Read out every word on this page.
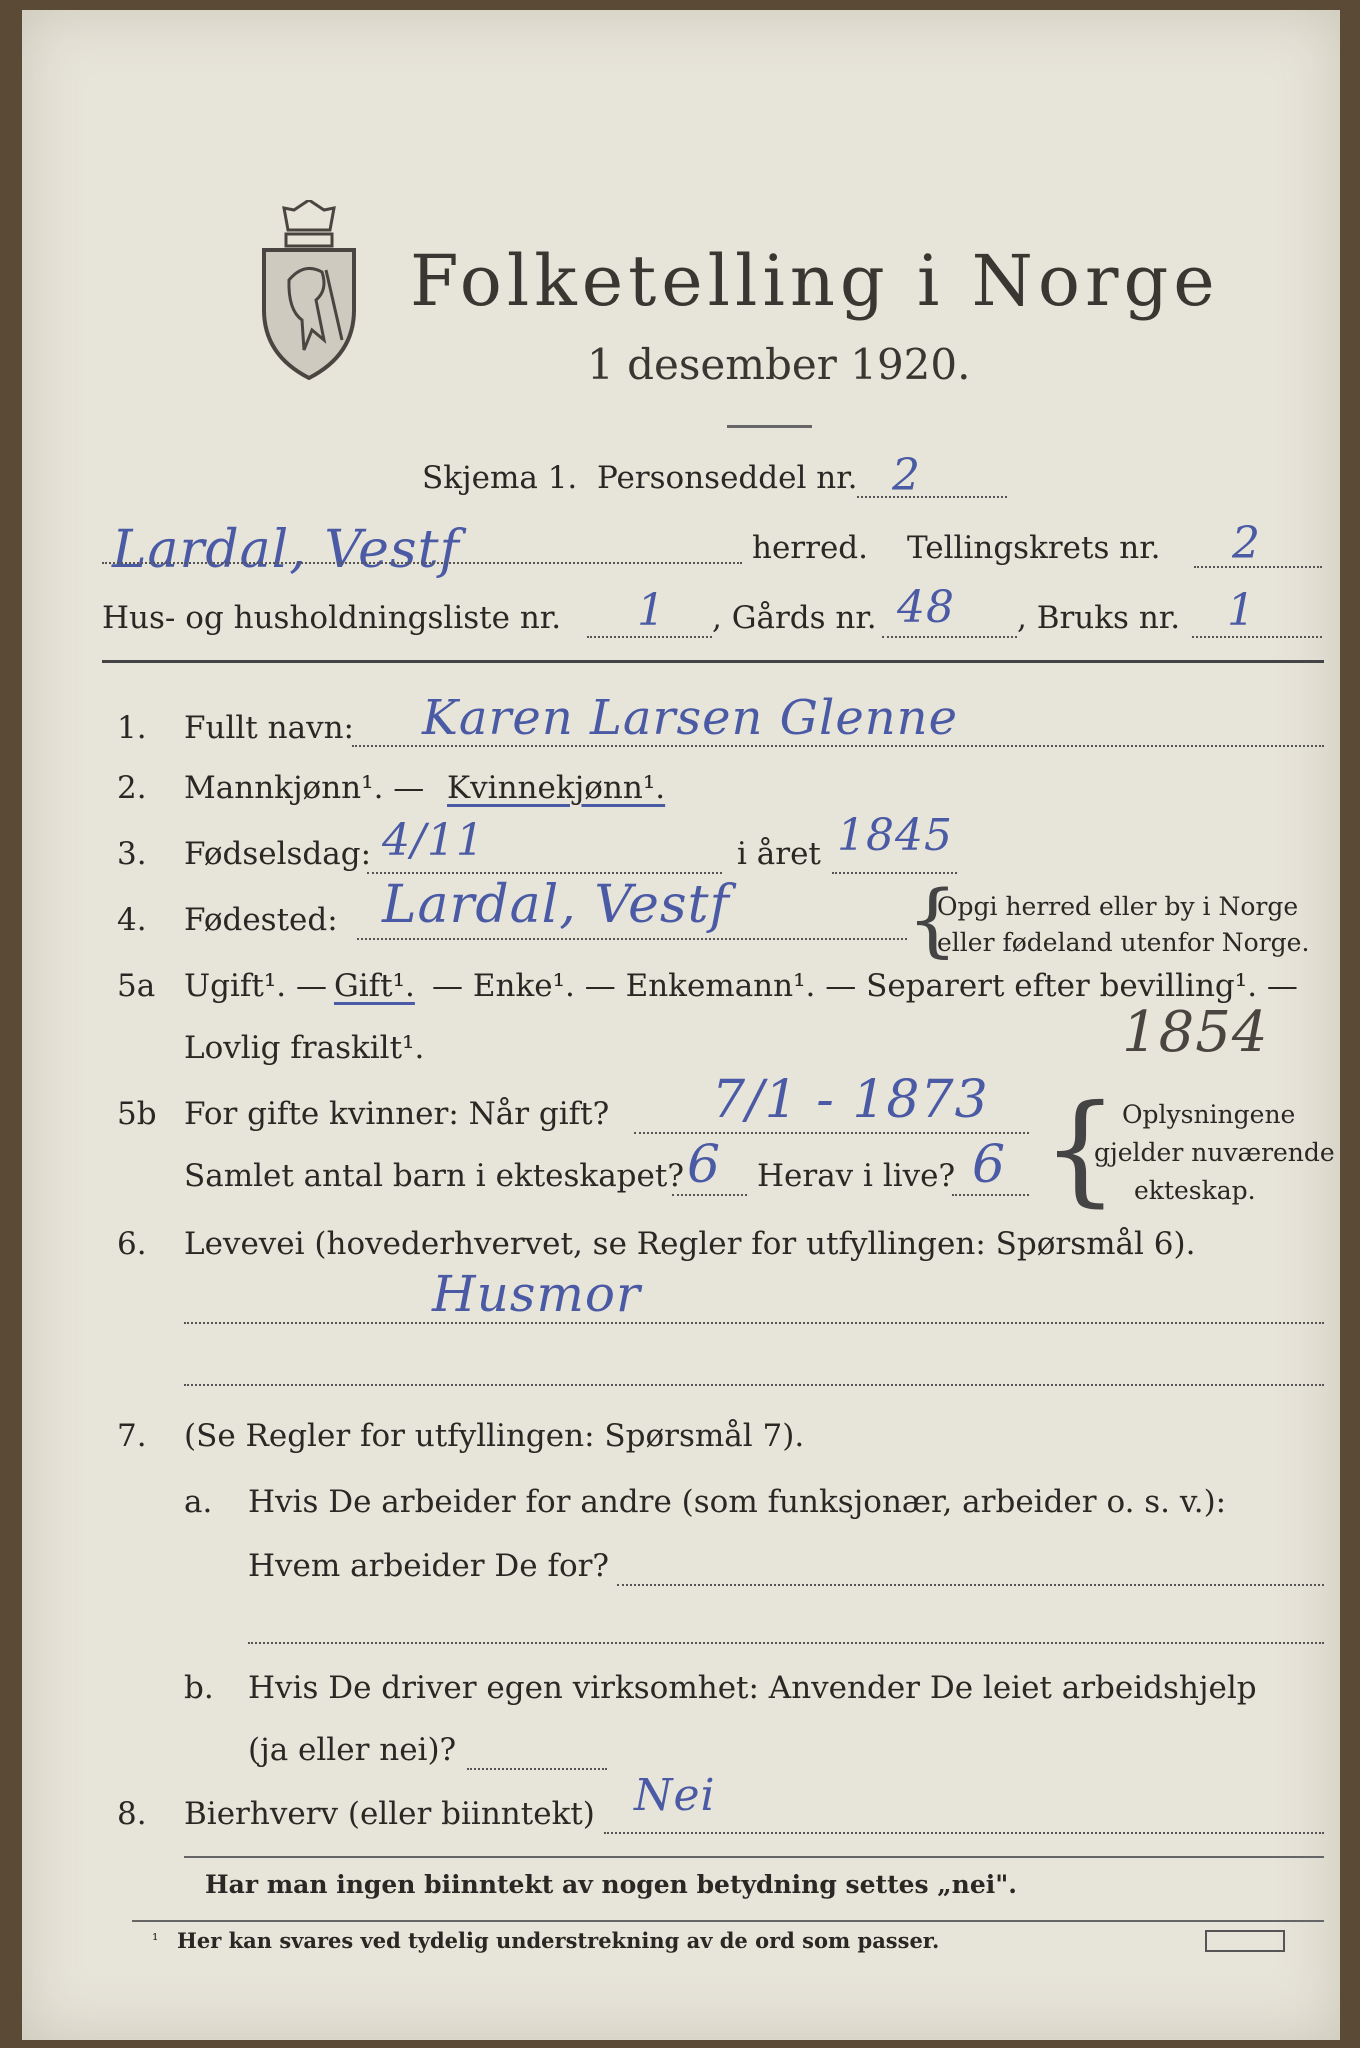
Folketelling i Norge
1 desember 1920.
Skjema 1. Personseddel nr. 2
Lardal, Vestf	herred. Tellingskrets nr. 2
Hus- og husholdningsliste nr. 1 , Gårds nr. 48 , Bruks nr. 1
1. Fullt navn: Karen Larsen Glenne
2. Mannkjønn¹. — Kvinnekjønn¹.
3. Fødselsdag: 4/11	i året 1845
4. Fødested: Lardal, Vestf {
Opgi herred eller by i Norge
eller fødeland utenfor Norge.
5a Ugift¹. — Gift¹. — Enke¹. — Enkemann¹. — Separert efter bevilling¹. —
Lovlig fraskilt¹.	1854
5b For gifte kvinner: Når gift? 7/1 - 1873
Samlet antal barn i ekteskapet? 6 Herav i live? 6 { Oplysningene
gjelder nuværende
ekteskap.
6. Levevei (hovederhvervet, se Regler for utfyllingen: Spørsmål 6).
Husmor
7. (Se Regler for utfyllingen: Spørsmål 7).
a. Hvis De arbeider for andre (som funksjonær, arbeider o. s. v.):
Hvem arbeider De for?
b. Hvis De driver egen virksomhet: Anvender De leiet arbeidshjelp
(ja eller nei)?
8. Bierhverv (eller biinntekt) Nei
Har man ingen biinntekt av nogen betydning settes „nei".
¹ Her kan svares ved tydelig understrekning av de ord som passer.
